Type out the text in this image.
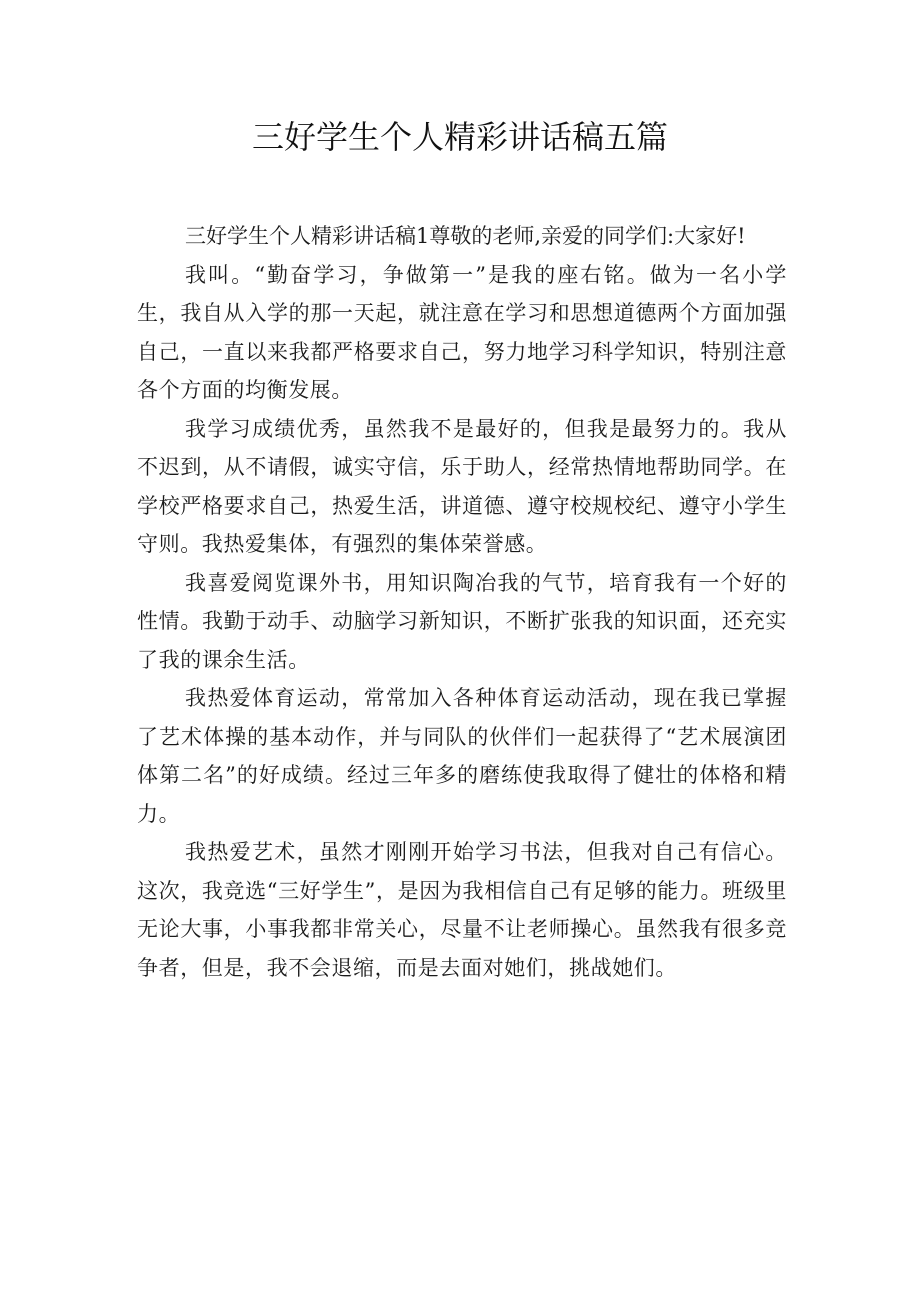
三好学生个人精彩讲话稿五篇

三好学生个人精彩讲话稿1尊敬的老师,亲爱的同学们:大家好!

我叫。“勤奋学习，争做第一”是我的座右铭。做为一名小学生，我自从入学的那一天起，就注意在学习和思想道德两个方面加强自己，一直以来我都严格要求自己，努力地学习科学知识，特别注意各个方面的均衡发展。

我学习成绩优秀，虽然我不是最好的，但我是最努力的。我从不迟到，从不请假，诚实守信，乐于助人，经常热情地帮助同学。在学校严格要求自己，热爱生活，讲道德、遵守校规校纪、遵守小学生守则。我热爱集体，有强烈的集体荣誉感。

我喜爱阅览课外书，用知识陶冶我的气节，培育我有一个好的性情。我勤于动手、动脑学习新知识，不断扩张我的知识面，还充实了我的课余生活。

我热爱体育运动，常常加入各种体育运动活动，现在我已掌握了艺术体操的基本动作，并与同队的伙伴们一起获得了“艺术展演团体第二名”的好成绩。经过三年多的磨练使我取得了健壮的体格和精力。

我热爱艺术，虽然才刚刚开始学习书法，但我对自己有信心。这次，我竞选“三好学生”，是因为我相信自己有足够的能力。班级里无论大事，小事我都非常关心，尽量不让老师操心。虽然我有很多竞争者，但是，我不会退缩，而是去面对她们，挑战她们。
